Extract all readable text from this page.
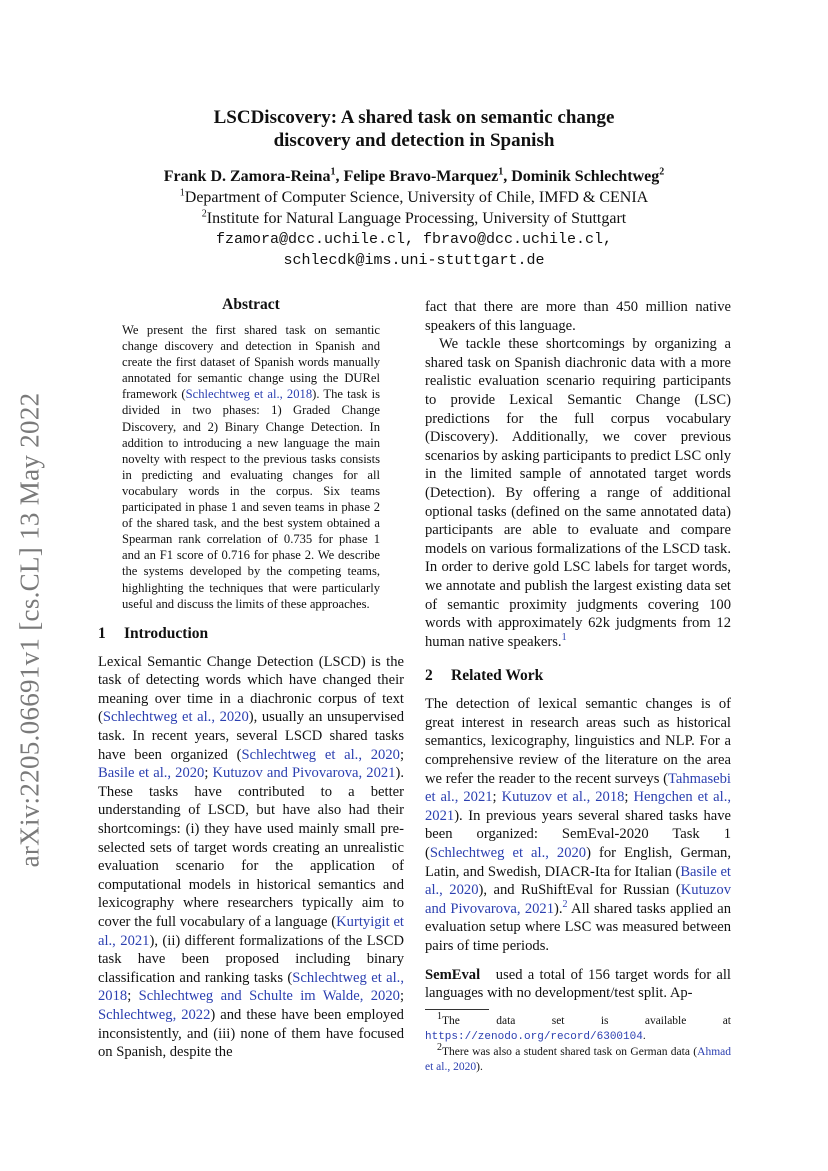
arXiv:2205.06691v1 [cs.CL] 13 May 2022
LSCDiscovery: A shared task on semantic change
discovery and detection in Spanish
Frank D. Zamora-Reina$^1$, Felipe Bravo-Marquez$^1$, Dominik Schlechtweg$^2$
$^1$Department of Computer Science, University of Chile, IMFD & CENIA
$^2$Institute for Natural Language Processing, University of Stuttgart
fzamora@dcc.uchile.cl, fbravo@dcc.uchile.cl,
schlecdk@ims.uni-stuttgart.de
Abstract

We present the first shared task on semantic change discovery and detection in Spanish and create the first dataset of Spanish words manually annotated for semantic change using the DURel framework (Schlechtweg et al., 2018). The task is divided in two phases: 1) Graded Change Discovery, and 2) Binary Change Detection. In addition to introducing a new language the main novelty with respect to the previous tasks consists in predicting and evaluating changes for all vocabulary words in the corpus. Six teams participated in phase 1 and seven teams in phase 2 of the shared task, and the best system obtained a Spearman rank correlation of 0.735 for phase 1 and an F1 score of 0.716 for phase 2. We describe the systems developed by the competing teams, highlighting the techniques that were particularly useful and discuss the limits of these approaches.

1 Introduction

Lexical Semantic Change Detection (LSCD) is the task of detecting words which have changed their meaning over time in a diachronic corpus of text (Schlechtweg et al., 2020), usually an unsupervised task. In recent years, several LSCD shared tasks have been organized (Schlechtweg et al., 2020; Basile et al., 2020; Kutuzov and Pivovarova, 2021). These tasks have contributed to a better understanding of LSCD, but have also had their shortcomings: (i) they have used mainly small pre-selected sets of target words creating an unrealistic evaluation scenario for the application of computational models in historical semantics and lexicography where researchers typically aim to cover the full vocabulary of a language (Kurtyigit et al., 2021), (ii) different formalizations of the LSCD task have been proposed including binary classification and ranking tasks (Schlechtweg et al., 2018; Schlechtweg and Schulte im Walde, 2020; Schlechtweg, 2022) and these have been employed inconsistently, and (iii) none of them have focused on Spanish, despite the

fact that there are more than 450 million native speakers of this language.

We tackle these shortcomings by organizing a shared task on Spanish diachronic data with a more realistic evaluation scenario requiring participants to provide Lexical Semantic Change (LSC) predictions for the full corpus vocabulary (Discovery). Additionally, we cover previous scenarios by asking participants to predict LSC only in the limited sample of annotated target words (Detection). By offering a range of additional optional tasks (defined on the same annotated data) participants are able to evaluate and compare models on various formalizations of the LSCD task. In order to derive gold LSC labels for target words, we annotate and publish the largest existing data set of semantic proximity judgments covering 100 words with approximately 62k judgments from 12 human native speakers.$^1$

2 Related Work

The detection of lexical semantic changes is of great interest in research areas such as historical semantics, lexicography, linguistics and NLP. For a comprehensive review of the literature on the area we refer the reader to the recent surveys (Tahmasebi et al., 2021; Kutuzov et al., 2018; Hengchen et al., 2021). In previous years several shared tasks have been organized: SemEval-2020 Task 1 (Schlechtweg et al., 2020) for English, German, Latin, and Swedish, DIACR-Ita for Italian (Basile et al., 2020), and RuShiftEval for Russian (Kutuzov and Pivovarova, 2021).$^2$ All shared tasks applied an evaluation setup where LSC was measured between pairs of time periods.

SemEval used a total of 156 target words for all languages with no development/test split. Ap-

$^1$The data set is available at https://zenodo.org/record/6300104.

$^2$There was also a student shared task on German data (Ahmad et al., 2020).
